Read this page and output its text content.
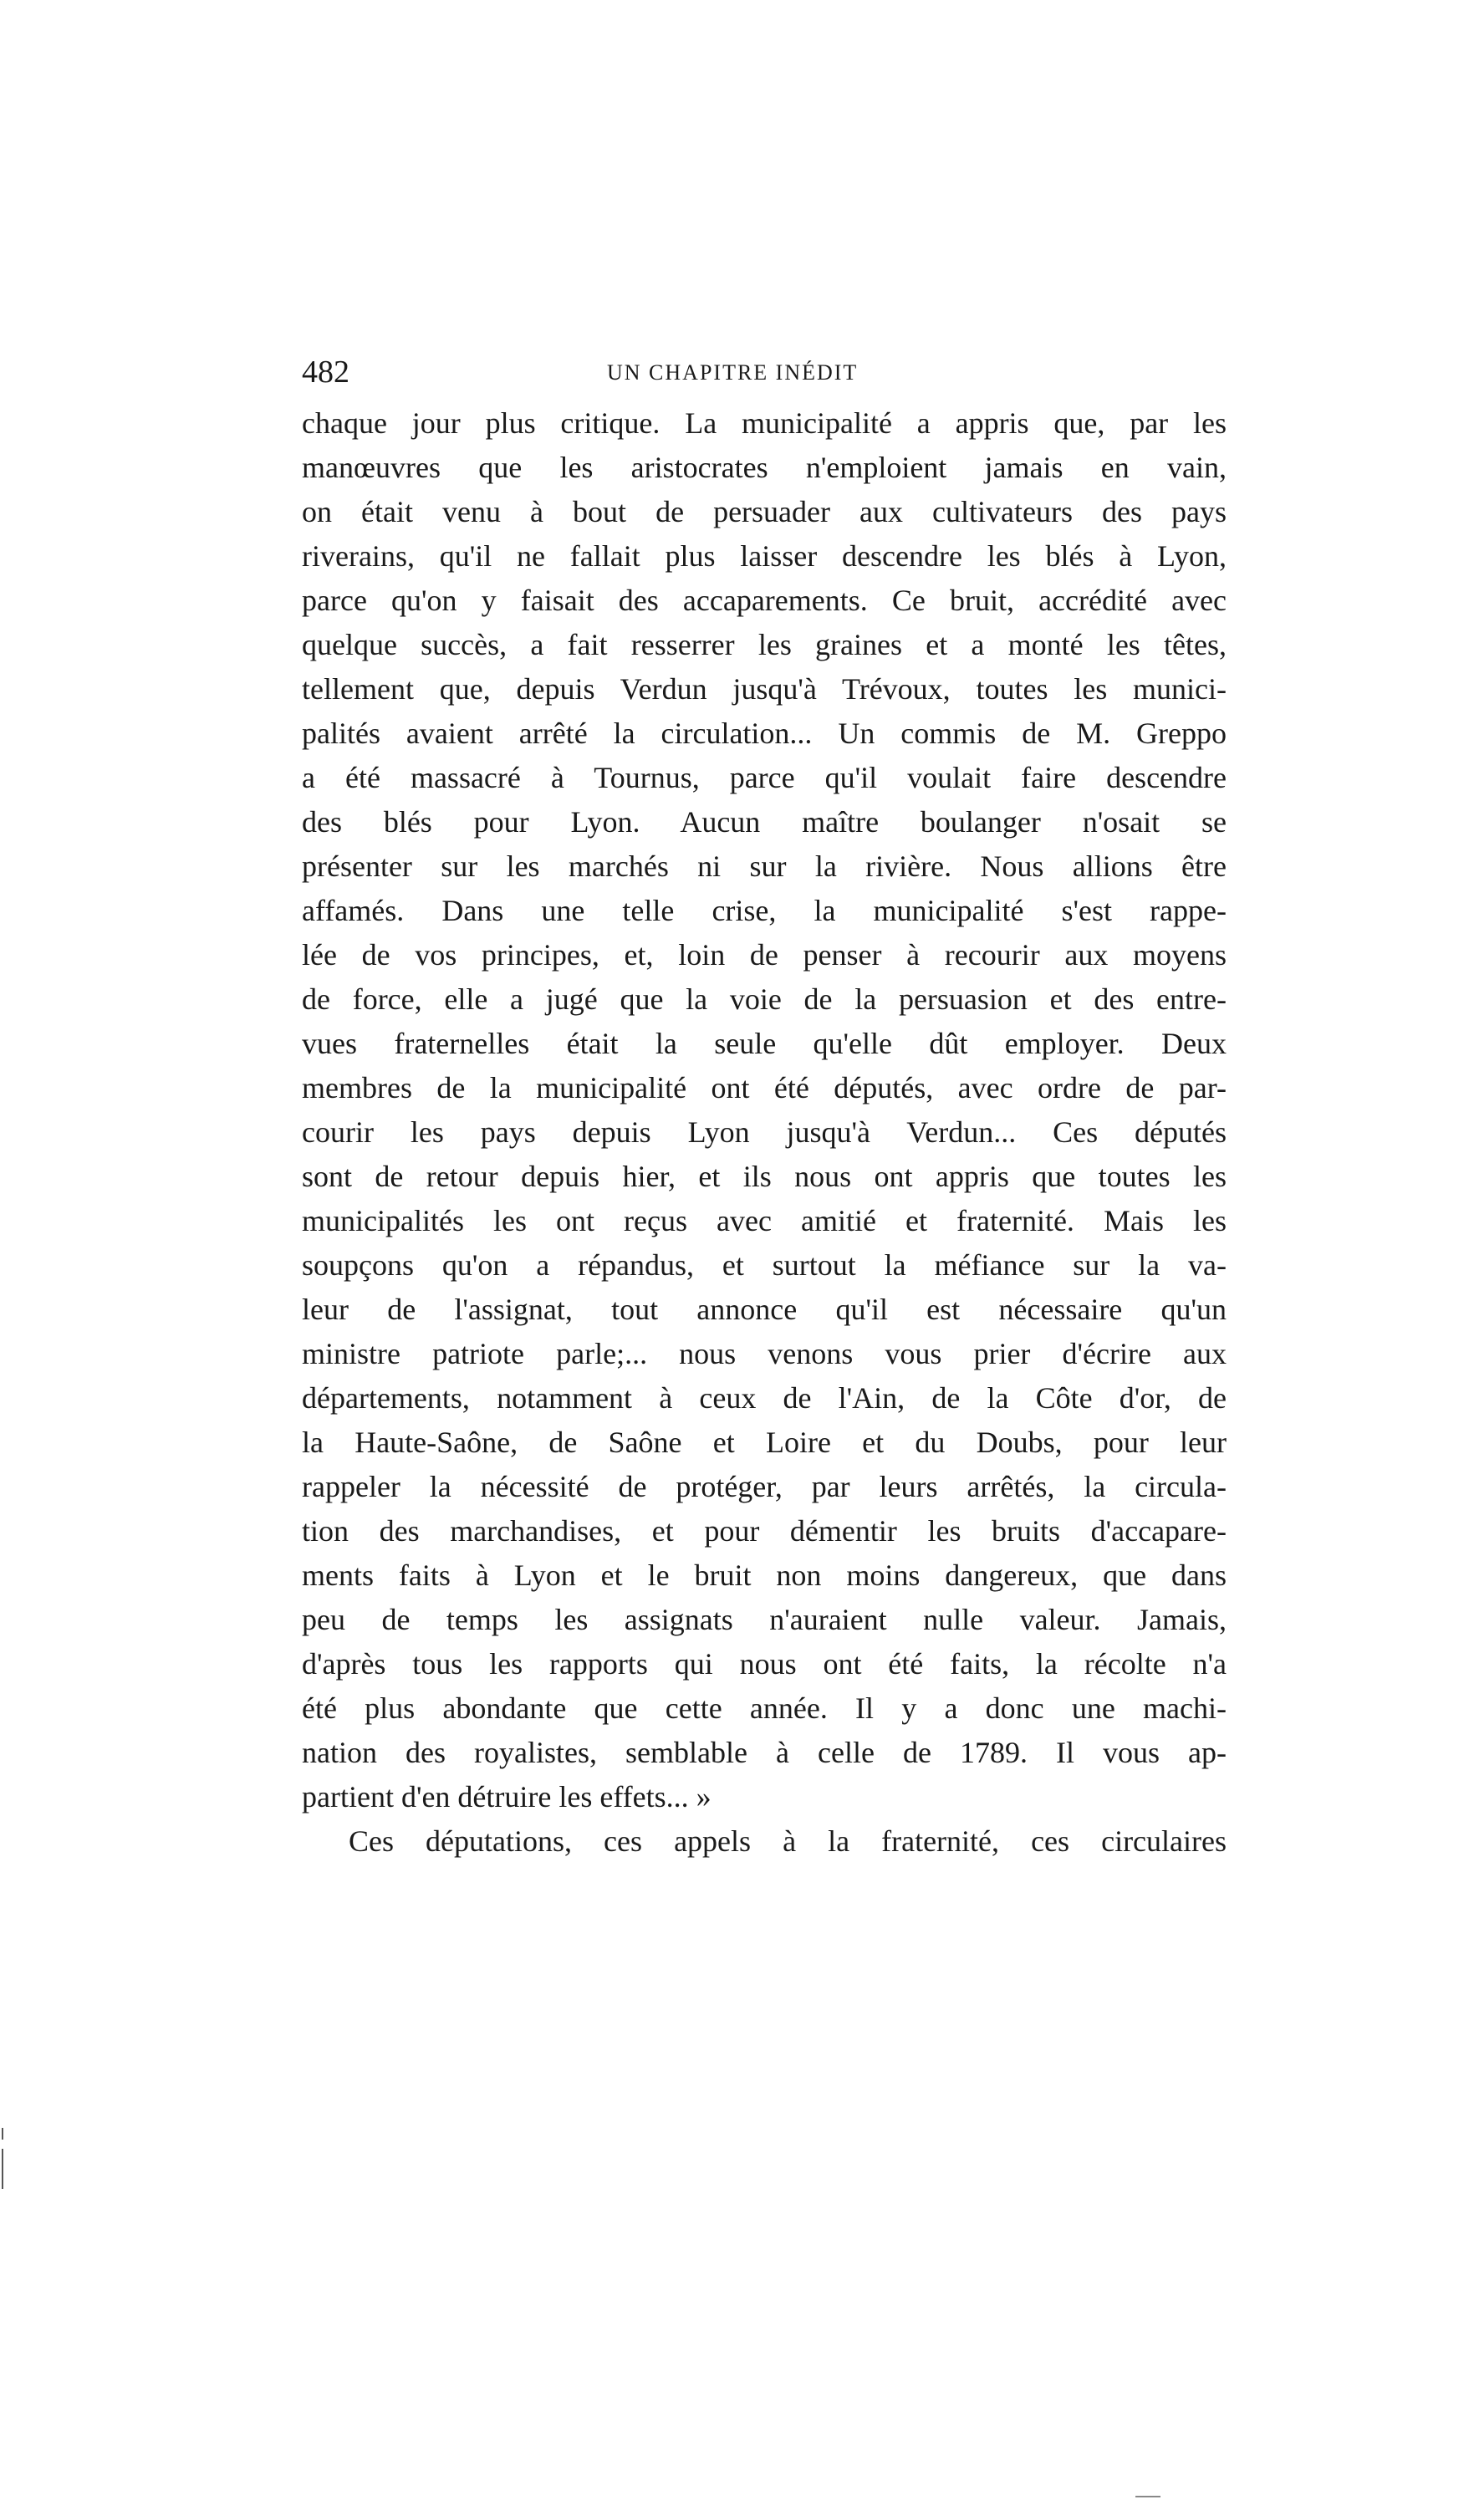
482	UN CHAPITRE INÉDIT
chaque jour plus critique. La municipalité a appris que, par les
manœuvres que les aristocrates n'emploient jamais en vain,
on était venu à bout de persuader aux cultivateurs des pays
riverains, qu'il ne fallait plus laisser descendre les blés à Lyon,
parce qu'on y faisait des accaparements. Ce bruit, accrédité avec
quelque succès, a fait resserrer les graines et a monté les têtes,
tellement que, depuis Verdun jusqu'à Trévoux, toutes les munici-
palités avaient arrêté la circulation... Un commis de M. Greppo
a été massacré à Tournus, parce qu'il voulait faire descendre
des blés pour Lyon. Aucun maître boulanger n'osait se
présenter sur les marchés ni sur la rivière. Nous allions être
affamés. Dans une telle crise, la municipalité s'est rappe-
lée de vos principes, et, loin de penser à recourir aux moyens
de force, elle a jugé que la voie de la persuasion et des entre-
vues fraternelles était la seule qu'elle dût employer. Deux
membres de la municipalité ont été députés, avec ordre de par-
courir les pays depuis Lyon jusqu'à Verdun... Ces députés
sont de retour depuis hier, et ils nous ont appris que toutes les
municipalités les ont reçus avec amitié et fraternité. Mais les
soupçons qu'on a répandus, et surtout la méfiance sur la va-
leur de l'assignat, tout annonce qu'il est nécessaire qu'un
ministre patriote parle;... nous venons vous prier d'écrire aux
départements, notamment à ceux de l'Ain, de la Côte d'or, de
la Haute-Saône, de Saône et Loire et du Doubs, pour leur
rappeler la nécessité de protéger, par leurs arrêtés, la circula-
tion des marchandises, et pour démentir les bruits d'accapare-
ments faits à Lyon et le bruit non moins dangereux, que dans
peu de temps les assignats n'auraient nulle valeur. Jamais,
d'après tous les rapports qui nous ont été faits, la récolte n'a
été plus abondante que cette année. Il y a donc une machi-
nation des royalistes, semblable à celle de 1789. Il vous ap-
partient d'en détruire les effets... »
Ces députations, ces appels à la fraternité, ces circulaires
